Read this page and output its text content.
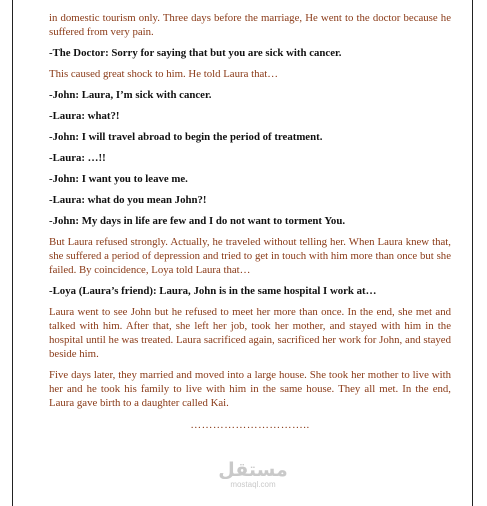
in domestic tourism only. Three days before the marriage, He went to the doctor because he suffered from very pain.

-The Doctor: Sorry for saying that but you are sick with cancer.

This caused great shock to him. He told Laura that…

-John: Laura, I’m sick with cancer.

-Laura: what?!

-John: I will travel abroad to begin the period of treatment.

-Laura: …!!

-John: I want you to leave me.

-Laura: what do you mean John?!

-John: My days in life are few and I do not want to torment You.

But Laura refused strongly. Actually, he traveled without telling her. When Laura knew that, she suffered a period of depression and tried to get in touch with him more than once but she failed. By coincidence, Loya told Laura that…

-Loya (Laura’s friend): Laura, John is in the same hospital I work at…

Laura went to see John but he refused to meet her more than once. In the end, she met and talked with him. After that, she left her job, took her mother, and stayed with him in the hospital until he was treated. Laura sacrificed again, sacrificed her work for John, and stayed beside him.

Five days later, they married and moved into a large house. She took her mother to live with her and he took his family to live with him in the same house. They all met. In the end, Laura gave birth to a daughter called Kai.

…………………………..
مستقل
mostaql.com
